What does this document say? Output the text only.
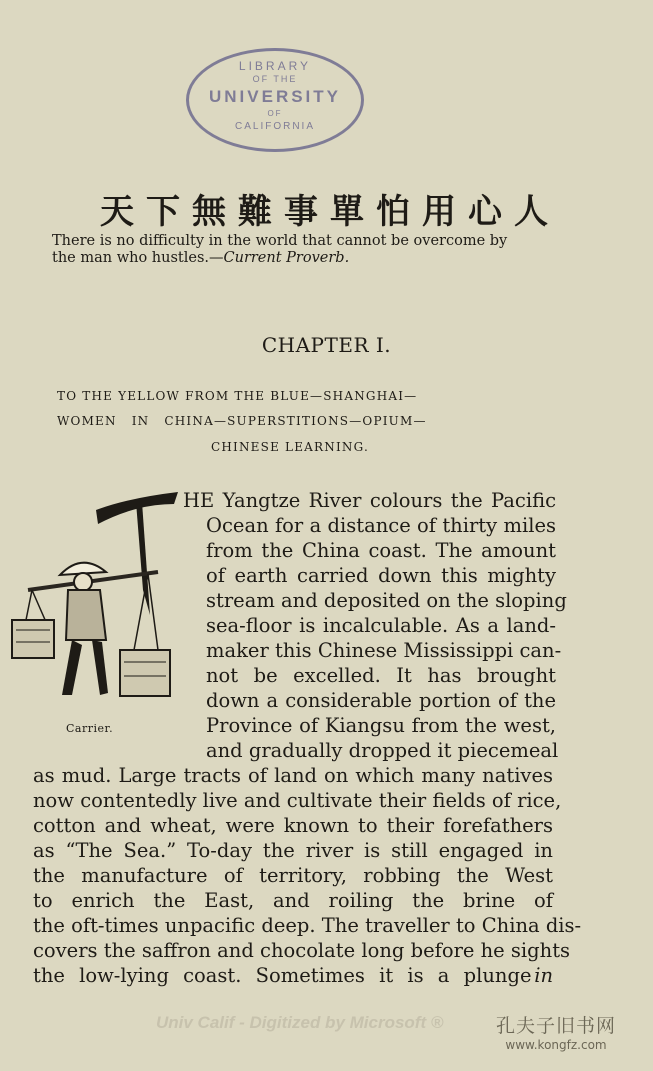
LIBRARY
OF THE
UNIVERSITY
OF
CALIFORNIA
天下無難事單怕用心人
There is no difficulty in the world that cannot be overcome by
the man who hustles.—Current Proverb.
CHAPTER I.
TO THE YELLOW FROM THE BLUE—SHANGHAI—
WOMEN IN CHINA—SUPERSTITIONS—OPIUM—
CHINESE LEARNING.
Carrier.
HE Yangtze River colours the Pacific
Ocean for a distance of thirty miles
from the China coast. The amount
of earth carried down this mighty
stream and deposited on the sloping
sea-floor is incalculable. As a land-
maker this Chinese Mississippi can-
not be excelled. It has brought
down a considerable portion of the
Province of Kiangsu from the west,
and gradually dropped it piecemeal
as mud. Large tracts of land on which many natives
now contentedly live and cultivate their fields of rice,
cotton and wheat, were known to their forefathers
as “The Sea.” To-day the river is still engaged in
the manufacture of territory, robbing the West
to enrich the East, and roiling the brine of
the oft-times unpacific deep. The traveller to China dis-
covers the saffron and chocolate long before he sights
the low-lying coast. Sometimes it is a plunge in
Univ Calif - Digitized by Microsoft ®	孔夫子旧书网
www.kongfz.com
